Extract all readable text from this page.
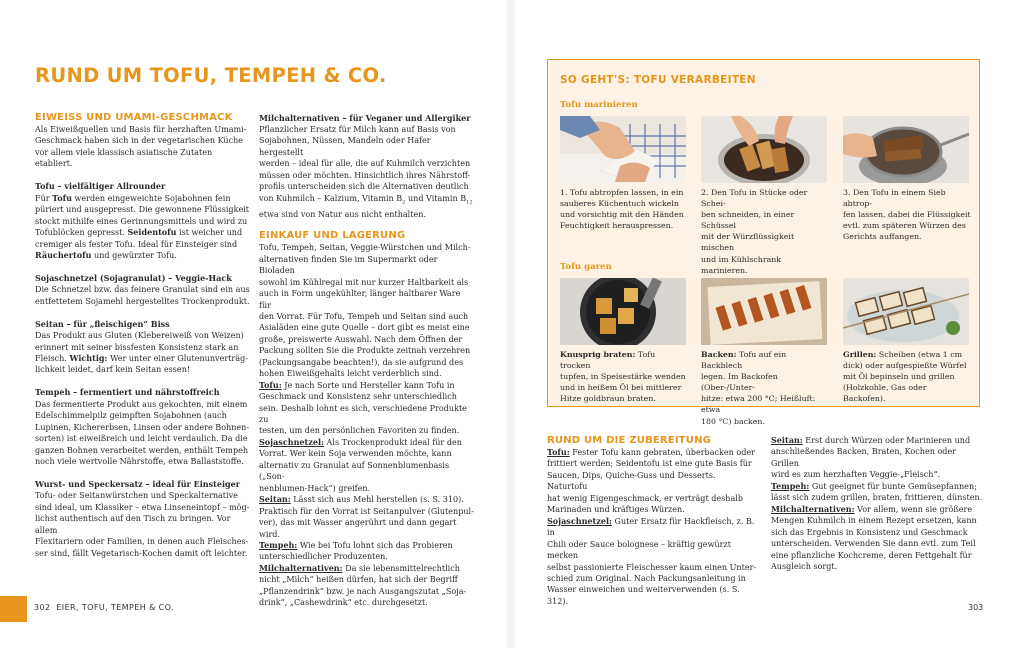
RUND UM TOFU, TEMPEH & CO.
EIWEISS UND UMAMI-GESCHMACK

Als Eiweißquellen und Basis für herzhaften Umami-

Geschmack haben sich in der vegetarischen Küche

vor allem viele klassisch asiatische Zutaten etabliert.

Tofu – vielfältiger Allrounder

Für Tofu werden eingeweichte Sojabohnen fein

püriert und ausgepresst. Die gewonnene Flüssigkeit

stockt mithilfe eines Gerinnungsmittels und wird zu

Tofublöcken gepresst. Seidentofu ist weicher und

cremiger als fester Tofu. Ideal für Einsteiger sind

Räuchertofu und gewürzter Tofu.

Sojaschnetzel (Sojagranulat) – Veggie-Hack

Die Schnetzel bzw. das feinere Granulat sind ein aus

entfettetem Sojamehl hergestelltes Trockenprodukt.

Seitan – für „fleischigen“ Biss

Das Produkt aus Gluten (Klebereiweiß von Weizen)

erinnert mit seiner bissfesten Konsistenz stark an

Fleisch. Wichtig: Wer unter einer Glutenunverträg-

lichkeit leidet, darf kein Seitan essen!

Tempeh – fermentiert und nährstoffreich

Das fermentierte Produkt aus gekochten, mit einem

Edelschimmelpilz geimpften Sojabohnen (auch

Lupinen, Kichererbsen, Linsen oder andere Bohnen-

sorten) ist eiweißreich und leicht verdaulich. Da die

ganzen Bohnen verarbeitet werden, enthält Tempeh

noch viele wertvolle Nährstoffe, etwa Ballaststoffe.

Wurst- und Speckersatz – ideal für Einsteiger

Tofu- oder Seitanwürstchen und Speckalternative

sind ideal, um Klassiker – etwa Linseneintopf – mög-

lichst authentisch auf den Tisch zu bringen. Vor allem

Flexitariern oder Familien, in denen auch Fleisches-

ser sind, fällt Vegetarisch-Kochen damit oft leichter.

Milchalternativen – für Veganer und Allergiker

Pflanzlicher Ersatz für Milch kann auf Basis von

Sojabohnen, Nüssen, Mandeln oder Hafer hergestellt

werden – ideal für alle, die auf Kuhmilch verzichten

müssen oder möchten. Hinsichtlich ihres Nährstoff-

profils unterscheiden sich die Alternativen deutlich

von Kuhmilch – Kalzium, Vitamin $B_2$ und Vitamin $B_{12}$

etwa sind von Natur aus nicht enthalten.

EINKAUF UND LAGERUNG

Tofu, Tempeh, Seitan, Veggie-Würstchen und Milch-

alternativen finden Sie im Supermarkt oder Bioladen

sowohl im Kühlregal mit nur kurzer Haltbarkeit als

auch in Form ungekühlter, länger haltbarer Ware für

den Vorrat. Für Tofu, Tempeh und Seitan sind auch

Asialäden eine gute Quelle – dort gibt es meist eine

große, preiswerte Auswahl. Nach dem Öffnen der

Packung sollten Sie die Produkte zeitnah verzehren

(Packungsangabe beachten!), da sie aufgrund des

hohen Eiweißgehalts leicht verderblich sind.

Tofu: Je nach Sorte und Hersteller kann Tofu in

Geschmack und Konsistenz sehr unterschiedlich

sein. Deshalb lohnt es sich, verschiedene Produkte zu

testen, um den persönlichen Favoriten zu finden.

Sojaschnetzel: Als Trockenprodukt ideal für den

Vorrat. Wer kein Soja verwenden möchte, kann

alternativ zu Granulat auf Sonnenblumenbasis („Son-

nenblumen-Hack“) greifen.

Seitan: Lässt sich aus Mehl herstellen (s. S. 310).

Praktisch für den Vorrat ist Seitanpulver (Glutenpul-

ver), das mit Wasser angerührt und dann gegart wird.

Tempeh: Wie bei Tofu lohnt sich das Probieren

unterschiedlicher Produzenten.

Milchalternativen: Da sie lebensmittelrechtlich

nicht „Milch“ heißen dürfen, hat sich der Begriff

„Pflanzendrink“ bzw. je nach Ausgangszutat „Soja-

drink“, „Cashewdrink“ etc. durchgesetzt.

SO GEHT'S: TOFU VERARBEITEN
Tofu marinieren

1. Tofu abtropfen lassen, in ein

sauberes Küchentuch wickeln

und vorsichtig mit den Händen

Feuchtigkeit herauspressen.

2. Den Tofu in Stücke oder Schei-

ben schneiden, in einer Schüssel

mit der Würzflüssigkeit mischen

und im Kühlschrank marinieren.

3. Den Tofu in einem Sieb abtrop-

fen lassen, dabei die Flüssigkeit

evtl. zum späteren Würzen des

Gerichts auffangen.

Tofu garen

Knusprig braten: Tofu trocken

tupfen, in Speisestärke wenden

und in heißem Öl bei mittlerer

Hitze goldbraun braten.

Backen: Tofu auf ein Backblech

legen. Im Backofen (Ober-/Unter-

hitze: etwa 200 °C; Heißluft: etwa

180 °C) backen.

Grillen: Scheiben (etwa 1 cm

dick) oder aufgespießte Würfel

mit Öl bepinseln und grillen

(Holzkohle, Gas oder Backofen).

RUND UM DIE ZUBEREITUNG

Tofu: Fester Tofu kann gebraten, überbacken oder

frittiert werden; Seidentofu ist eine gute Basis für

Saucen, Dips, Quiche-Guss und Desserts. Naturtofu

hat wenig Eigengeschmack, er verträgt deshalb

Marinaden und kräftiges Würzen.

Sojaschnetzel: Guter Ersatz für Hackfleisch, z. B. in

Chili oder Sauce bolognese – kräftig gewürzt merken

selbst passionierte Fleischesser kaum einen Unter-

schied zum Original. Nach Packungsanleitung in

Wasser einweichen und weiterverwenden (s. S. 312).

Seitan: Erst durch Würzen oder Marinieren und

anschließendes Backen, Braten, Kochen oder Grillen

wird es zum herzhaften Veggie-„Fleisch“.

Tempeh: Gut geeignet für bunte Gemüsepfannen;

lässt sich zudem grillen, braten, frittieren, dünsten.

Milchalternativen: Vor allem, wenn sie größere

Mengen Kuhmilch in einem Rezept ersetzen, kann

sich das Ergebnis in Konsistenz und Geschmack

unterscheiden. Verwenden Sie dann evtl. zum Teil

eine pflanzliche Kochcreme, deren Fettgehalt für

Ausgleich sorgt.

302  EIER, TOFU, TEMPEH & CO.	303
